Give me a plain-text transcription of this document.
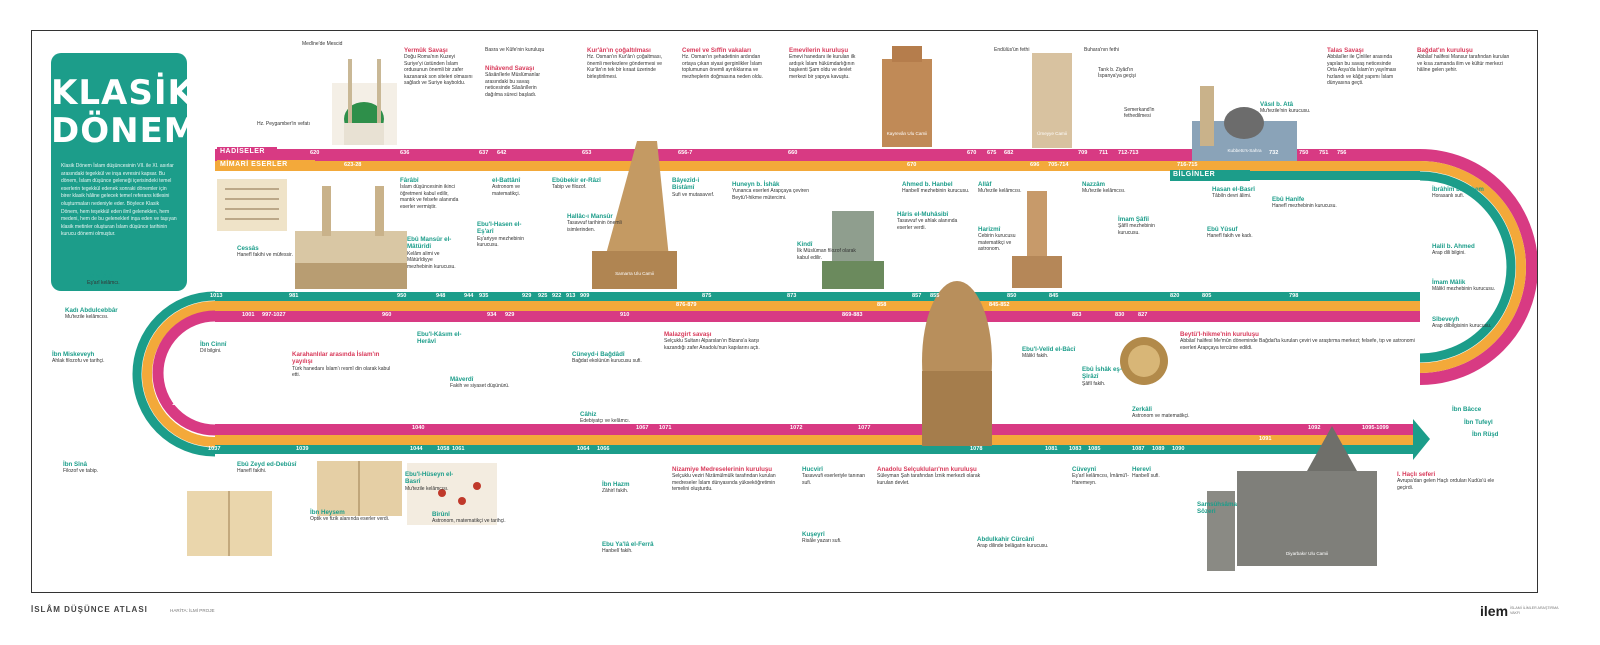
KLASİK
DÖNEM
Klasik Dönem İslam düşüncesinin VII. ile XI. asırlar arasındaki tegekkül ve inşa evresini kapsar. Bu dönem, İslam düşünce geleneği içerisindeki temel eserlerin tegekkül edenek sonraki dönemler için birer klasik hâline gelecek temel referans kitlesini oluşturmaları nedeniyle eder. Böylece Klasik Dönem, hem teşekkül eden ilmî geleneklen, hem medeni, hem de bu geleneklerl inşa eden ve taşıyan klasik metinler oluşturan İslam düşünce tarihinin kurucu dönemi olmuştur.
HADİSELER
MİMARİ ESERLER
BİLGİNLER
620
623-28
636	637 642	653	656-7	660
670
670 675 682
696 705-714
709 711 712-713
716-715
732	750 751 756
981	950	948	944 935	929 925 922 913 909
876-879
875	873
869-883
858
857 855
853
850
845-852
845
830 827
820	805	798
1013
1001 997-1027	960	934 929	910
1037
1023
1030
1040
1039	1044	1058 1061	1064 1066
1067 1071	1072	1077
1078	1081 1083 1085	1087 1089 1090
1091
1092	1095-1099
Medîne'de Mescid
Hz. Peygamber'in vefatı
Yermük Savaşı
Doğu Roma'nın Kuzeyi Suriye'yi üstünden İslam ordusunun önemli bir zafer kazanarak son siteleri olmasını sağladı ve Suriye kayboldu.
Basra ve Kûfe'nin kuruluşu
Nihâvend Savaşı
Sâsânîlerle Müslümanlar arasındaki bu savaş neticesinde Sâsânîlerin dağılma süreci başladı.
Kur'ân'ın çoğaltılması
Hz. Osman'ın Kur'ân'ı çoğaltması, önemli merkezlere göndermesi ve Kur'ân'ın tek bir kıraat üzerinde birleştirilmesi.
Cemel ve Sıffîn vakaları
Hz. Osman'ın şehadetinin ardından ortaya çıkan siyasi gerginlikler İslam toplumunun önemli ayrılıklarına ve mezheplerin doğmasına neden oldu.
Emevîlerin kuruluşu
Emevi hanedanı ile kurulan ilk ardışık İslam hükümdarlığının başkenti Şam oldu ve devlet merkezi bir yapıya kavuştu.
Endülüs'ün fethi	Buhara'nın fethi
Tarık b. Ziyâd'ın İspanya'ya geçişi
Semerkand'in fethedilmesi
Talas Savaşı
Abbâsîler ile Çinliler arasında yapılan bu savaş neticesinde Orta Asya'da İslam'ın yayılması hızlandı ve kâğıt yapımı İslam dünyasına geçti.
Bağdat'ın kuruluşu
Abbâsî halifesi Mansur tarafından kurulan ve kısa zamanda ilim ve kültür merkezi hâline gelen şehir.
Vâsıl b. Atâ
Mu'tezile'nin kurucusu.
Fârâbî
İslam düşüncesinin ikinci öğretmeni kabul edilir, mantık ve felsefe alanında eserler vermiştir.
el-Battânî
Astronom ve matematikçi.
Ebûbekir er-Râzî
Tabip ve filozof.
Ebû Mansûr el-Mâtürîdî
Kelâm alimi ve Mâtürîdiyye mezhebinin kurucusu.
Ebu'l-Hasen el-Eş'arî
Eş'ariyye mezhebinin kurucusu.
Hallâc-ı Mansûr
Tasavvuf tarihinin önemli isimlerinden.
Bâyezîd-i Bistâmî
Sufi ve mutasavvıf.
Huneyn b. İshâk
Yunanca eserleri Arapçaya çeviren Beytü'l-hikme mütercimi.
Kindî
İlk Müslüman filozof olarak kabul edilir.
Ahmed b. Hanbel
Hanbelî mezhebinin kurucusu.
Hâris el-Muhâsibî
Tasavvuf ve ahlak alanında eserler verdi.
Allâf
Mu'tezile kelâmcısı.
Harizmî
Cebirin kurucusu matematikçi ve astronom.
Nazzâm
Mu'tezile kelâmcısı.
İmam Şâfiî
Şâfiî mezhebinin kurucusu.
Hasan el-Basrî
Tâbiîn devri âlimi.	Ebû Hanîfe
Hanefî mezhebinin kurucusu.
Ebû Yûsuf
Hanefî fakih ve kadı.
İbrâhîm b. Edhem
Horasanlı sufi.
Halil b. Ahmed
Arap dili bilgini.
İmam Mâlik
Mâlikî mezhebinin kurucusu.
Sîbeveyh
Arap dilbilgisinin kurucusu.
Beytü'l-hikme'nin kuruluşu
Abbâsî halifesi Me'mûn döneminde Bağdat'ta kurulan çeviri ve araştırma merkezi; felsefe, tıp ve astronomi eserleri Arapçaya tercüme edildi.
Cessâs
Hanefî fakihi ve müfessir.
Bâkıllânî
Eş'arî kelâmcı.
Kadı Abdulcebbâr
Mu'tezile kelâmcısı.
İbn Miskeveyh
Ahlak filozofu ve tarihçi.
İbn Cinnî
Dil bilgini.
İbn Sînâ
Filozof ve tabip.
Karahanlılar arasında İslam'ın yayılışı
Türk hanedanı İslam'ı resmî din olarak kabul etti.
Ebu'l-Kâsım el-Herâvî
Ebû Zeyd ed-Debûsî
Hanefî fakihi.
İbn Heysem
Optik ve fizik alanında eserler verdi.
Ebu'l-Hüseyn el-Basrî
Mu'tezile kelâmcısı.
Bîrûnî
Astronom, matematikçi ve tarihçi.
Mâverdî
Fakih ve siyaset düşünürü.
Cüneyd-i Bağdâdî
Bağdat ekolünün kurucusu sufi.
Câhiz
Edebiyatçı ve kelâmcı.
İbn Hazm
Zâhirî fakih.
Ebu Ya'lâ el-Ferrâ
Hanbelî fakih.
Nizamiye Medreselerinin kuruluşu
Selçuklu veziri Nizâmülmülk tarafından kurulan medreseler İslam dünyasında yükseköğretimin temelini oluşturdu.
Malazgirt savaşı
Selçuklu Sultanı Alparslan'ın Bizans'a karşı kazandığı zafer Anadolu'nun kapılarını açtı.
Hucvirî
Tasavvufi eserleriyle tanınan sufi.
Kuşeyrî
Risâle yazarı sufi.
Anadolu Selçukluları'nın kuruluşu
Süleyman Şah tarafından İznik merkezli olarak kurulan devlet.
Abdulkahir Cürcânî
Arap dilinde belâgatın kurucusu.
Cüveynî
Eş'arî kelâmcısı, İmâmü'l-Haremeyn.
Herevî
Hanbelî sufi.
Zerkâlî
Astronom ve matematikçi.
Ebu'l-Velîd el-Bâcî
Mâlikî fakih.
Ebû İshâk eş-Şîrâzî
Şâfiî fakih.
Samsûhsâma Sözeri
I. Haçlı seferi
Avrupa'dan gelen Haçlı orduları Kudüs'ü ele geçirdi.
İbn Bâcce
İbn Tufeyl
İbn Rüşd
Kayrevân Ulu Camii	Ümeyye Camii
Samarra Ulu Camii
Diyarbakır Ulu Camii
Kubbetü's-Sahra
İSLÂM DÜŞÜNCE ATLASI	HARİTA: İLMİ PROJE	ilem İSLAMİ İLİMLER ARAŞTIRMA VAKFI
